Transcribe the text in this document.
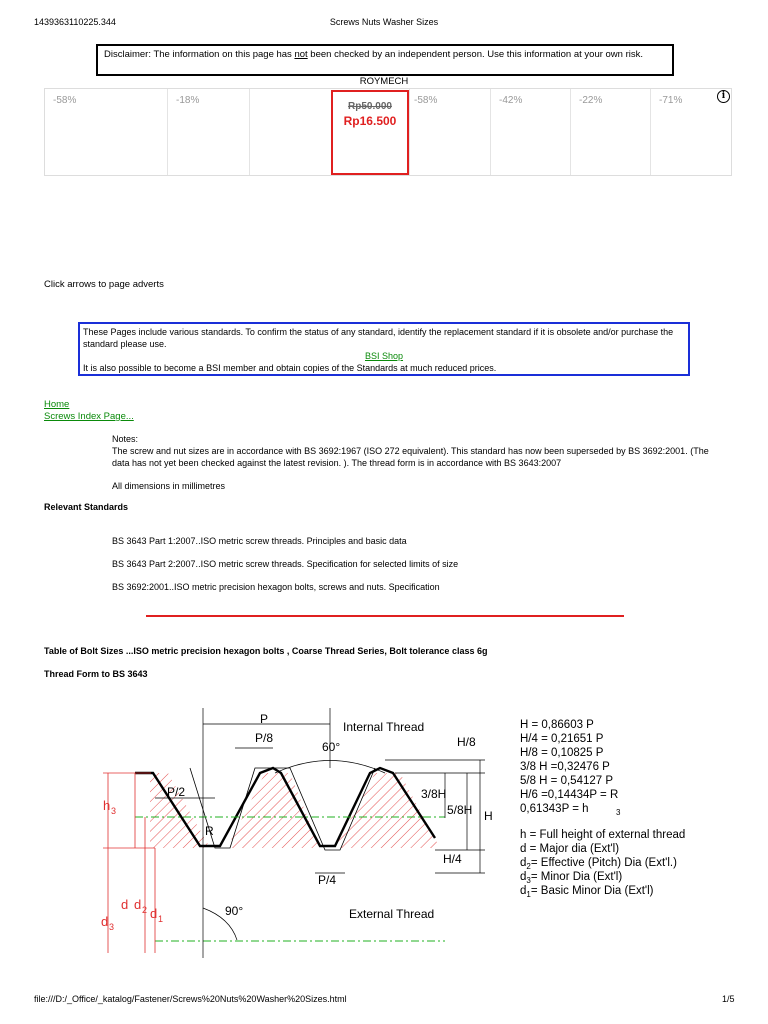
1439363110225.344	Screws Nuts Washer Sizes
Disclaimer: The information on this page has not been checked by an independent person. Use this information at your own risk.
ROYMECH
-58%	-18%	-58%	-42%	-22%	-71%
Rp50.000
Rp16.500
i
Click arrows to page adverts
These Pages include various standards. To confirm the status of any standard, identify the replacement standard if it is obsolete and/or purchase the standard please use.
BSI Shop
It is also possible to become a BSI member and obtain copies of the Standards at much reduced prices.
Home
Screws Index Page...
Notes:
The screw and nut sizes are in accordance with BS 3692:1967 (ISO 272 equivalent). This standard has now been superseded by BS 3692:2001. (The data has not yet been checked against the latest revision. ). The thread form is in accordance with BS 3643:2007
All dimensions in millimetres
Relevant Standards
BS 3643 Part 1:2007..ISO metric screw threads. Principles and basic data
BS 3643 Part 2:2007..ISO metric screw threads. Specification for selected limits of size
BS 3692:2001..ISO metric precision hexagon bolts, screws and nuts. Specification
Table of Bolt Sizes ...ISO metric precision hexagon bolts , Coarse Thread Series, Bolt tolerance class 6g
Thread Form to BS 3643
P
P/8
P/2
P/4
60°
R
Internal Thread
External Thread
90°
H/8
3/8H
5/8H
H/4
H
h 3
d d 2 d 1
d 3
H = 0,86603 P
H/4 = 0,21651 P
H/8 = 0,10825 P
3/8 H =0,32476 P
5/8 H = 0,54127 P
H/6 =0,14434P = R
0,61343P = h	3
h = Full height of external thread
d = Major dia (Ext'l)
$d_2=$ Effective (Pitch) Dia (Ext'l.)
$d_3=$ Minor Dia (Ext'l)
$d_1=$ Basic Minor Dia (Ext'l)
file:///D:/_Office/_katalog/Fastener/Screws%20Nuts%20Washer%20Sizes.html	1/5
